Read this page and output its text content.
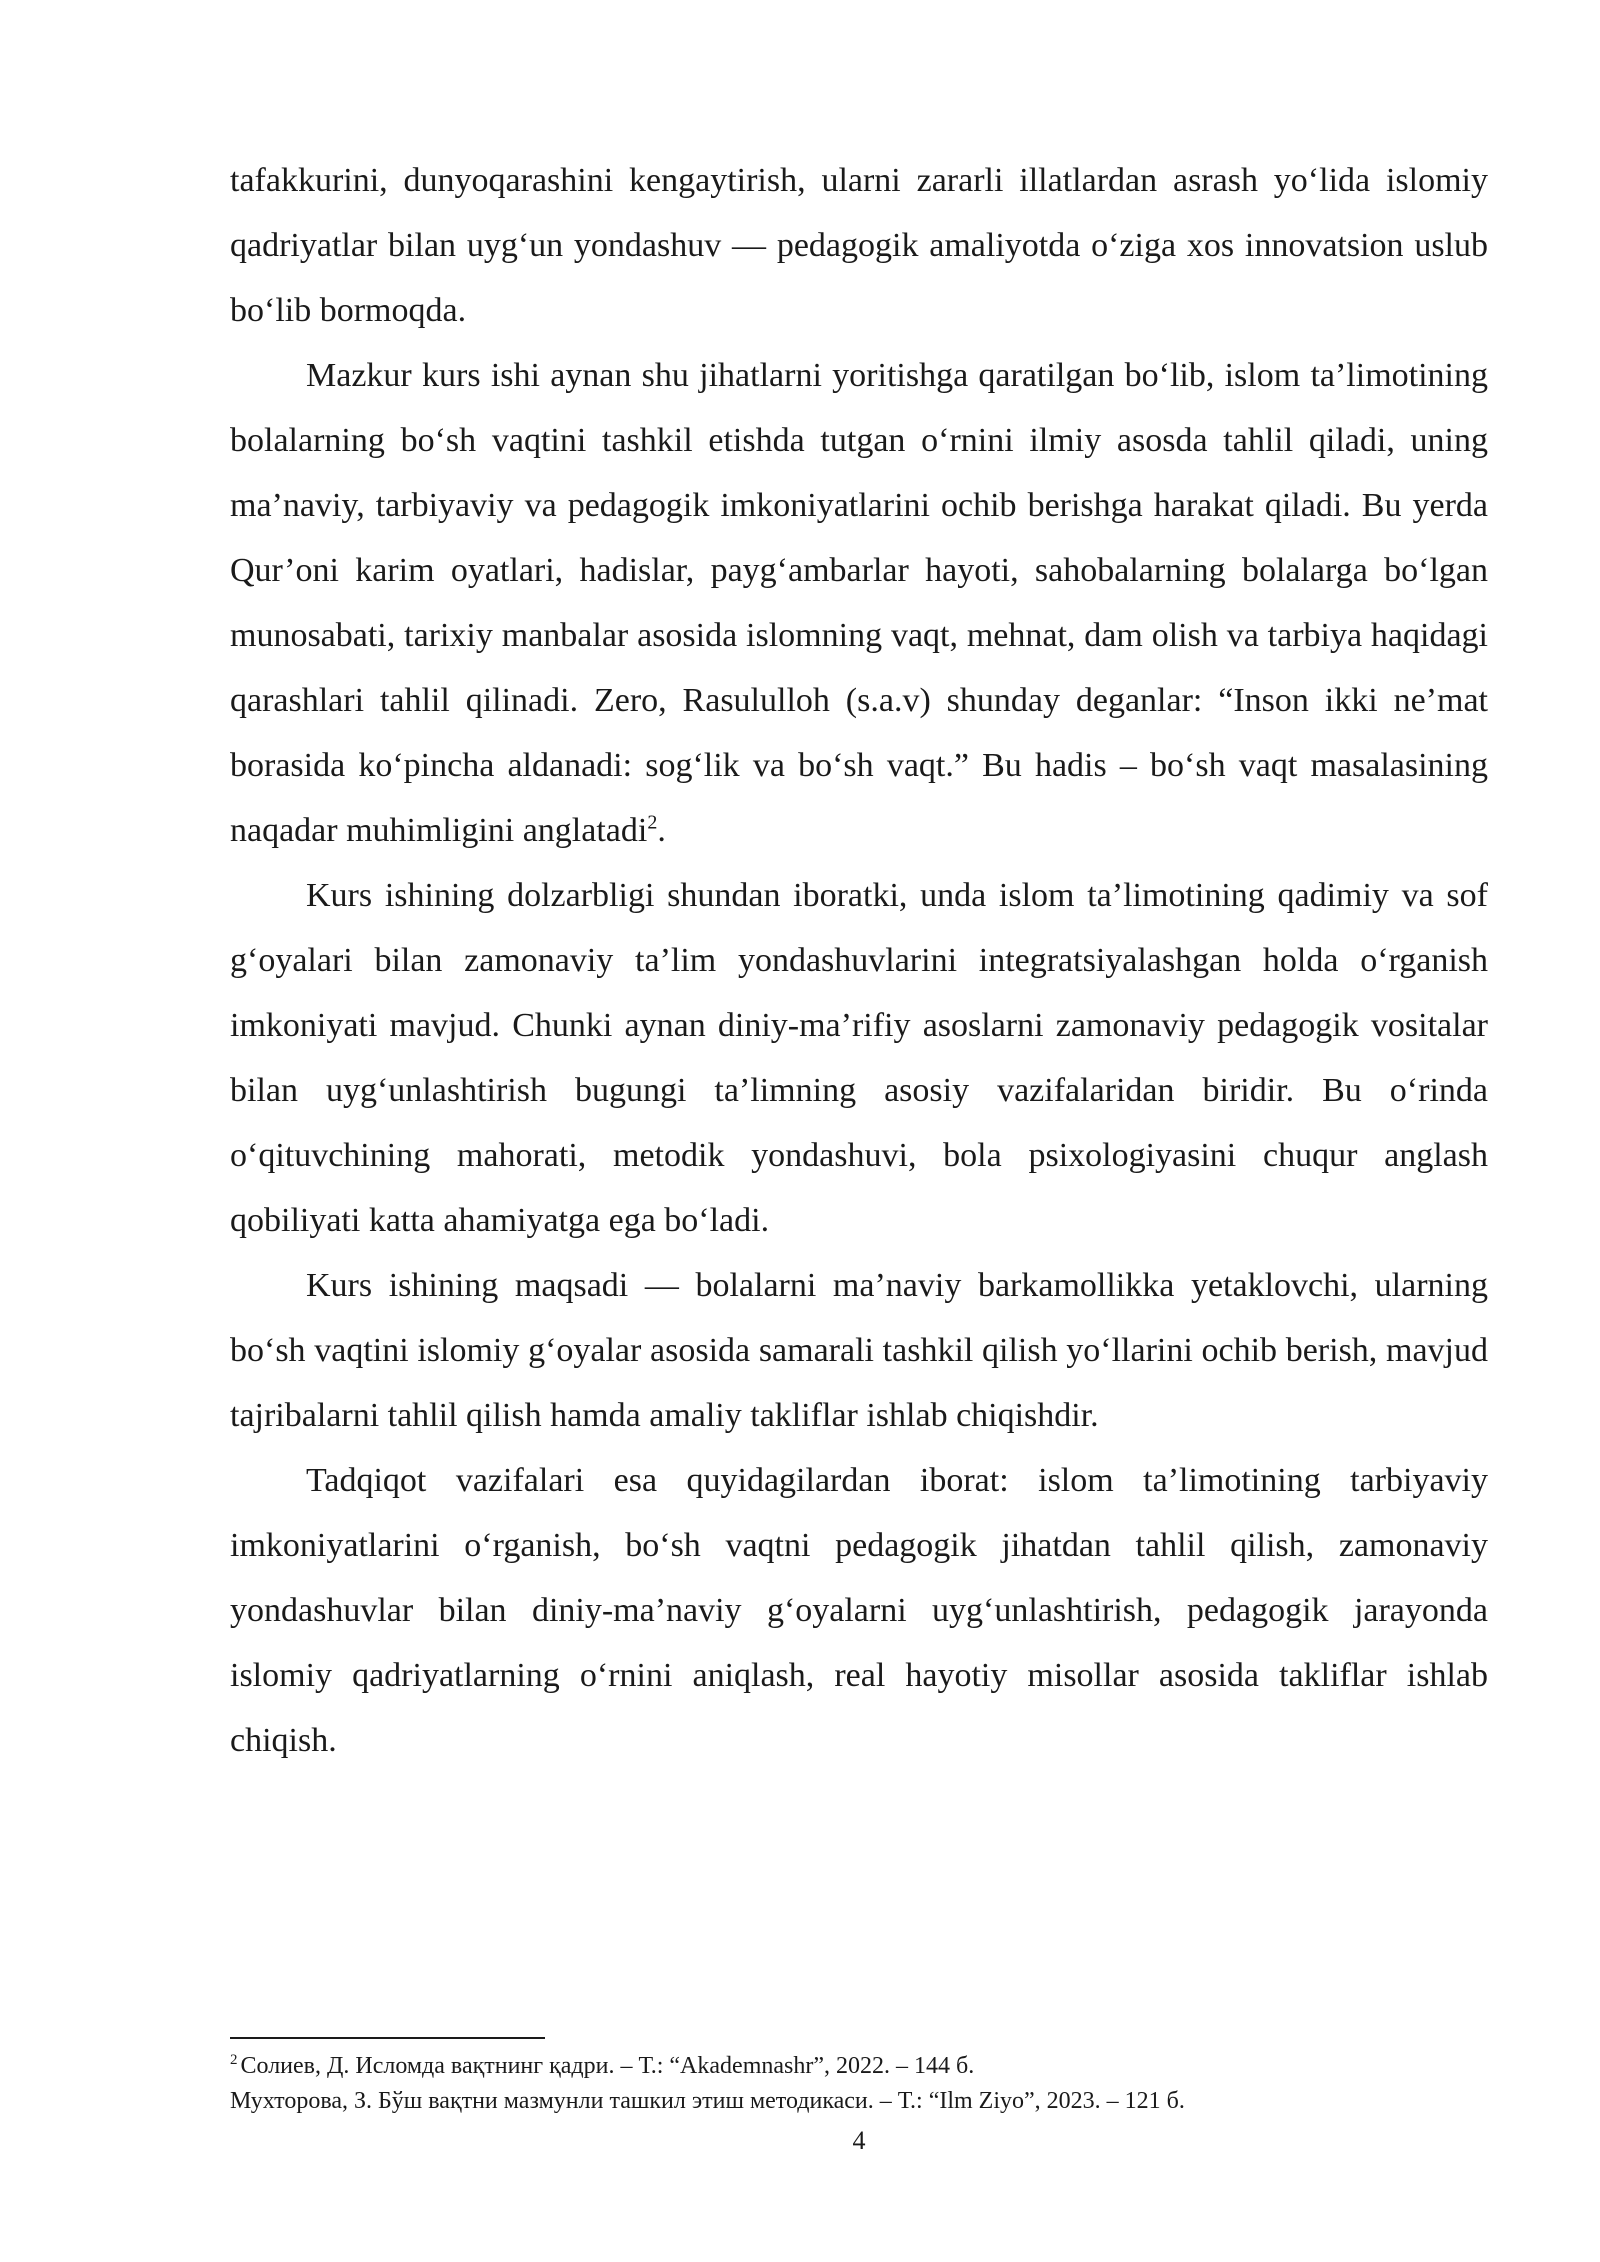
tafakkurini, dunyoqarashini kengaytirish, ularni zararli illatlardan asrash yo‘lida islomiy qadriyatlar bilan uyg‘un yondashuv — pedagogik amaliyotda o‘ziga xos innovatsion uslub bo‘lib bormoqda.

Mazkur kurs ishi aynan shu jihatlarni yoritishga qaratilgan bo‘lib, islom ta’limotining bolalarning bo‘sh vaqtini tashkil etishda tutgan o‘rnini ilmiy asosda tahlil qiladi, uning ma’naviy, tarbiyaviy va pedagogik imkoniyatlarini ochib berishga harakat qiladi. Bu yerda Qur’oni karim oyatlari, hadislar, payg‘ambarlar hayoti, sahobalarning bolalarga bo‘lgan munosabati, tarixiy manbalar asosida islomning vaqt, mehnat, dam olish va tarbiya haqidagi qarashlari tahlil qilinadi. Zero, Rasululloh (s.a.v) shunday deganlar: “Inson ikki ne’mat borasida ko‘pincha aldanadi: sog‘lik va bo‘sh vaqt.” Bu hadis – bo‘sh vaqt masalasining naqadar muhimligini anglatadi$^2$.

Kurs ishining dolzarbligi shundan iboratki, unda islom ta’limotining qadimiy va sof g‘oyalari bilan zamonaviy ta’lim yondashuvlarini integratsiyalashgan holda o‘rganish imkoniyati mavjud. Chunki aynan diniy-ma’rifiy asoslarni zamonaviy pedagogik vositalar bilan uyg‘unlashtirish bugungi ta’limning asosiy vazifalaridan biridir. Bu o‘rinda o‘qituvchining mahorati, metodik yondashuvi, bola psixologiyasini chuqur anglash qobiliyati katta ahamiyatga ega bo‘ladi.

Kurs ishining maqsadi — bolalarni ma’naviy barkamollikka yetaklovchi, ularning bo‘sh vaqtini islomiy g‘oyalar asosida samarali tashkil qilish yo‘llarini ochib berish, mavjud tajribalarni tahlil qilish hamda amaliy takliflar ishlab chiqishdir.

Tadqiqot vazifalari esa quyidagilardan iborat: islom ta’limotining tarbiyaviy imkoniyatlarini o‘rganish, bo‘sh vaqtni pedagogik jihatdan tahlil qilish, zamonaviy yondashuvlar bilan diniy-ma’naviy g‘oyalarni uyg‘unlashtirish, pedagogik jarayonda islomiy qadriyatlarning o‘rnini aniqlash, real hayotiy misollar asosida takliflar ishlab chiqish.

$^2$ Солиев, Д. Исломда вақтнинг қадри. – Т.: “Akademnashr”, 2022. – 144 б.
Мухторова, З. Бўш вақтни мазмунли ташкил этиш методикаси. – Т.: “Ilm Ziyo”, 2023. – 121 б.
4
